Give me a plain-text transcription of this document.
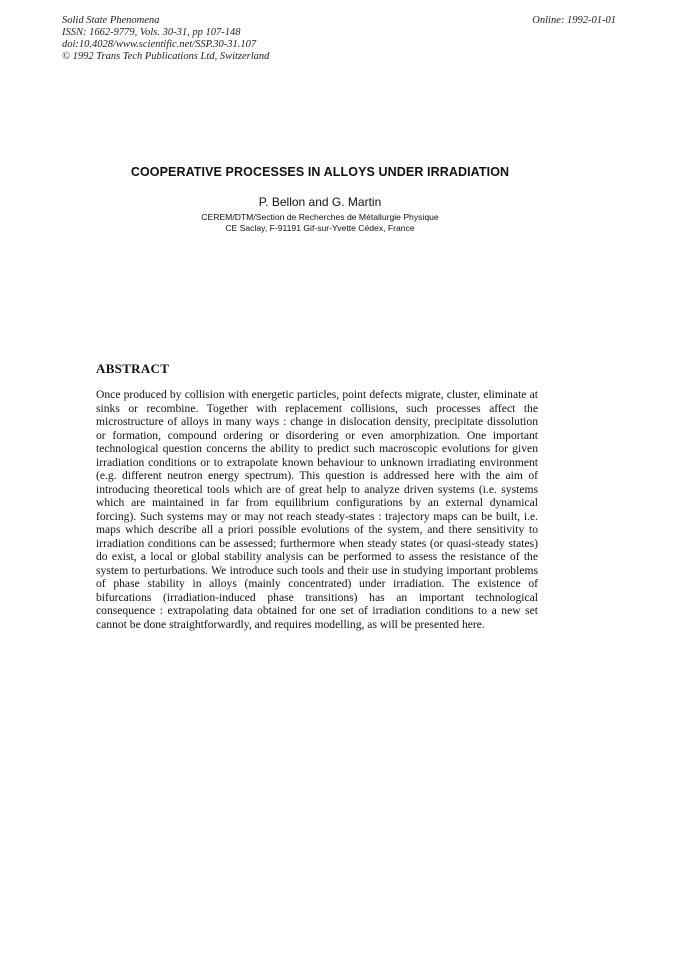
Solid State Phenomena
ISSN: 1662-9779, Vols. 30-31, pp 107-148
doi:10.4028/www.scientific.net/SSP.30-31.107
© 1992 Trans Tech Publications Ltd, Switzerland
Online: 1992-01-01
COOPERATIVE PROCESSES IN ALLOYS UNDER IRRADIATION
P. Bellon and G. Martin
CEREM/DTM/Section de Recherches de Métallurgie Physique
CE Saclay, F-91191 Gif-sur-Yvette Cédex, France
ABSTRACT

Once produced by collision with energetic particles, point defects migrate, cluster, eliminate at sinks or recombine. Together with replacement collisions, such processes affect the microstructure of alloys in many ways : change in dislocation density, precipitate dissolution or formation, compound ordering or disordering or even amorphization. One important technological question concerns the ability to predict such macroscopic evolutions for given irradiation conditions or to extrapolate known behaviour to unknown irradiating environment (e.g. different neutron energy spectrum). This question is addressed here with the aim of introducing theoretical tools which are of great help to analyze driven systems (i.e. systems which are maintained in far from equilibrium configurations by an external dynamical forcing). Such systems may or may not reach steady-states : trajectory maps can be built, i.e. maps which describe all a priori possible evolutions of the system, and there sensitivity to irradiation conditions can be assessed; furthermore when steady states (or quasi-steady states) do exist, a local or global stability analysis can be performed to assess the resistance of the system to perturbations. We introduce such tools and their use in studying important problems of phase stability in alloys (mainly concentrated) under irradiation. The existence of bifurcations (irradiation-induced phase transitions) has an important technological consequence : extrapolating data obtained for one set of irradiation conditions to a new set cannot be done straightforwardly, and requires modelling, as will be presented here.
